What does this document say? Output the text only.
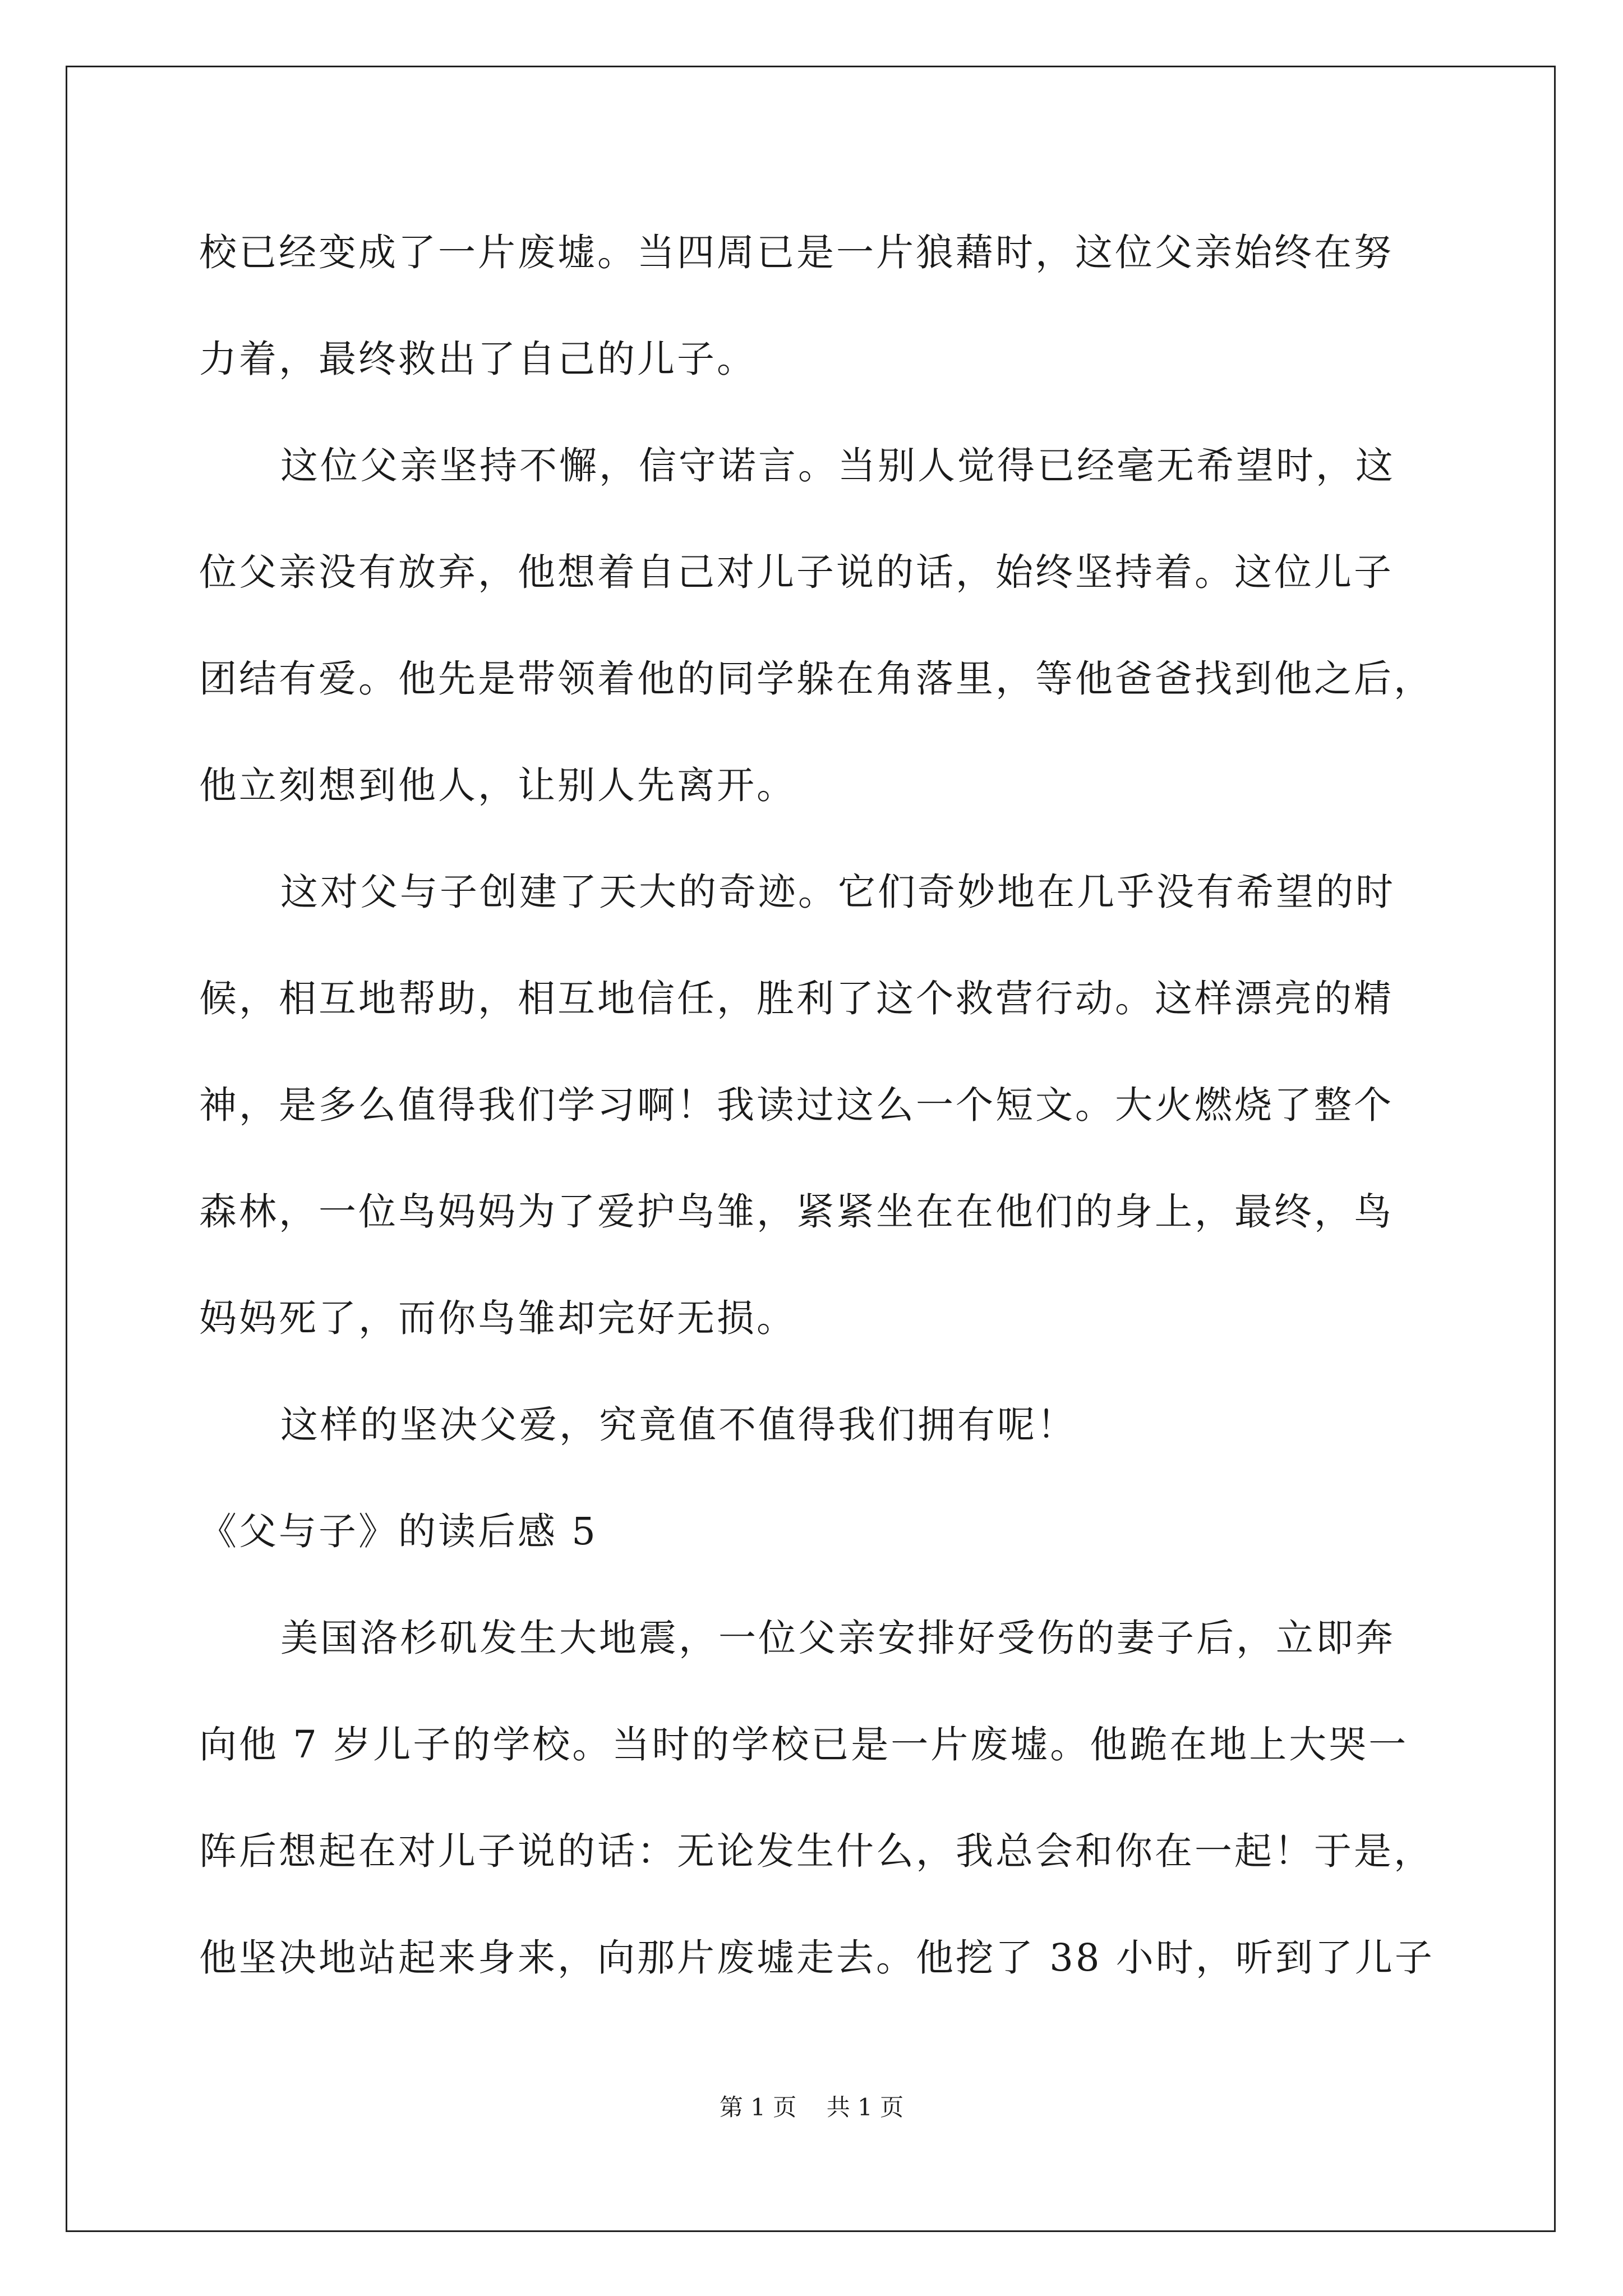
校已经变成了一片废墟。当四周已是一片狼藉时，这位父亲始终在努

力着，最终救出了自己的儿子。

这位父亲坚持不懈，信守诺言。当别人觉得已经毫无希望时，这

位父亲没有放弃，他想着自己对儿子说的话，始终坚持着。这位儿子

团结有爱。他先是带领着他的同学躲在角落里，等他爸爸找到他之后，

他立刻想到他人，让别人先离开。

这对父与子创建了天大的奇迹。它们奇妙地在几乎没有希望的时

候，相互地帮助，相互地信任，胜利了这个救营行动。这样漂亮的精

神，是多么值得我们学习啊！我读过这么一个短文。大火燃烧了整个

森林，一位鸟妈妈为了爱护鸟雏，紧紧坐在在他们的身上，最终，鸟

妈妈死了，而你鸟雏却完好无损。

这样的坚决父爱，究竟值不值得我们拥有呢！

《父与子》的读后感 5

美国洛杉矶发生大地震，一位父亲安排好受伤的妻子后，立即奔

向他 7 岁儿子的学校。当时的学校已是一片废墟。他跪在地上大哭一

阵后想起在对儿子说的话：无论发生什么，我总会和你在一起！于是，

他坚决地站起来身来，向那片废墟走去。他挖了 38 小时，听到了儿子

第 1 页    共 1 页
